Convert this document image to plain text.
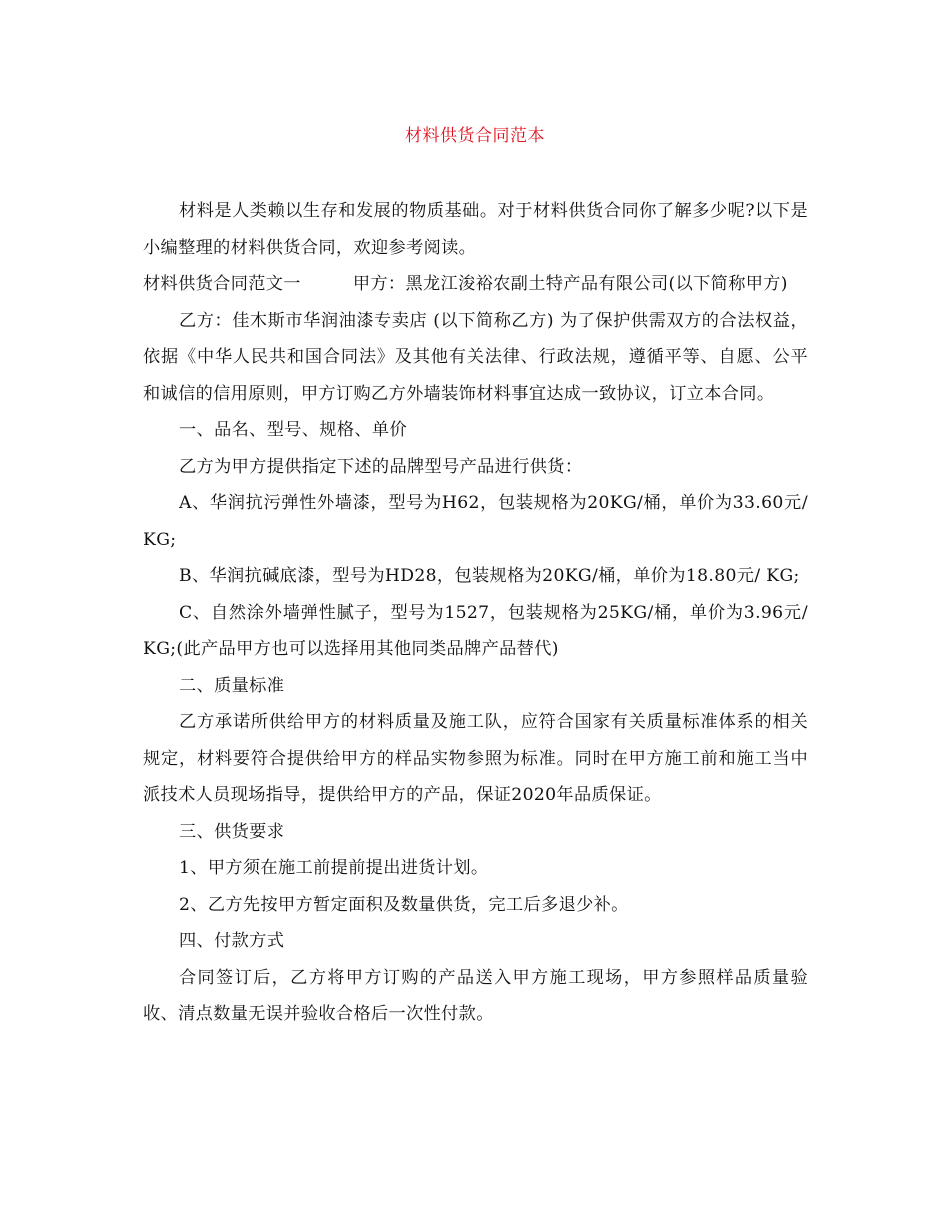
材料供货合同范本

材料是人类赖以生存和发展的物质基础。对于材料供货合同你了解多少呢?以下是小编整理的材料供货合同，欢迎参考阅读。

材料供货合同范文一	甲方：黑龙江浚裕农副土特产品有限公司(以下简称甲方)

乙方：佳木斯市华润油漆专卖店 (以下简称乙方) 为了保护供需双方的合法权益，依据《中华人民共和国合同法》及其他有关法律、行政法规，遵循平等、自愿、公平和诚信的信用原则，甲方订购乙方外墙装饰材料事宜达成一致协议，订立本合同。

一、品名、型号、规格、单价

乙方为甲方提供指定下述的品牌型号产品进行供货：

A、华润抗污弹性外墙漆，型号为H62，包装规格为20KG/桶，单价为33.60元/ KG;

B、华润抗碱底漆，型号为HD28，包装规格为20KG/桶，单价为18.80元/ KG;

C、自然涂外墙弹性腻子，型号为1527，包装规格为25KG/桶，单价为3.96元/ KG;(此产品甲方也可以选择用其他同类品牌产品替代)

二、质量标准

乙方承诺所供给甲方的材料质量及施工队，应符合国家有关质量标准体系的相关规定，材料要符合提供给甲方的样品实物参照为标准。同时在甲方施工前和施工当中派技术人员现场指导，提供给甲方的产品，保证2020年品质保证。

三、供货要求

1、甲方须在施工前提前提出进货计划。

2、乙方先按甲方暂定面积及数量供货，完工后多退少补。

四、付款方式

合同签订后，乙方将甲方订购的产品送入甲方施工现场，甲方参照样品质量验收、清点数量无误并验收合格后一次性付款。
